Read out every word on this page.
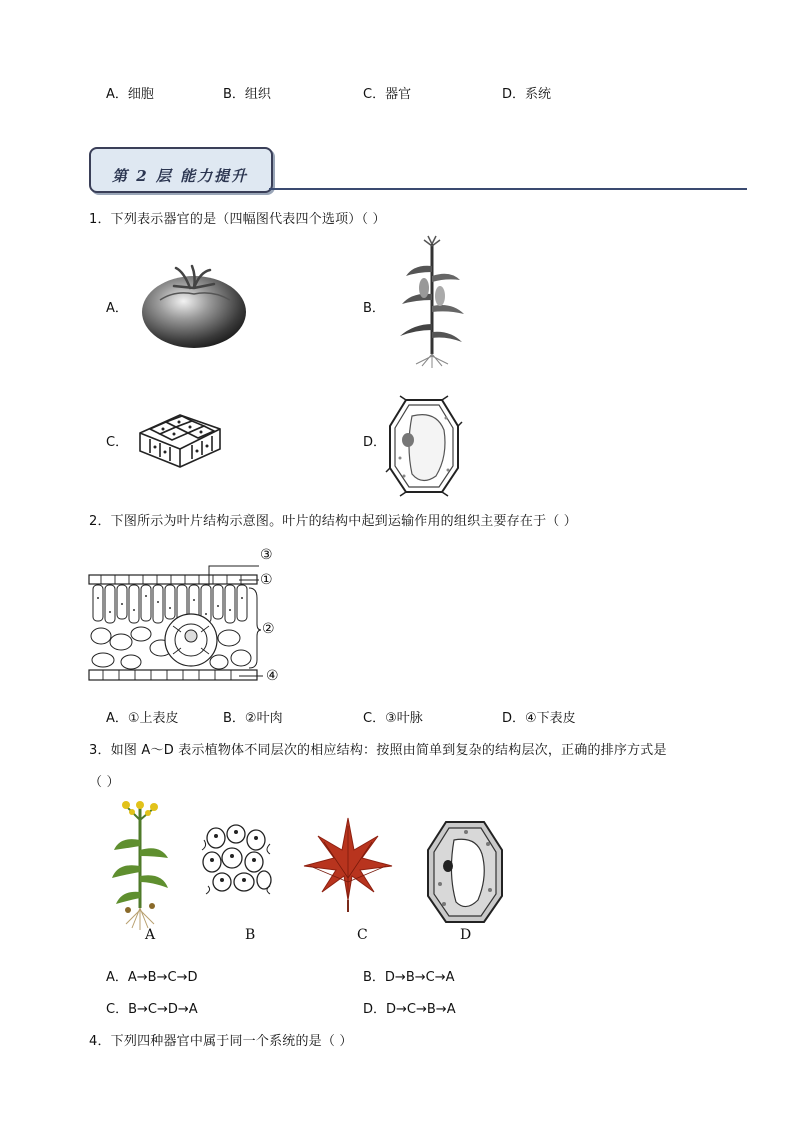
A．细胞	B．组织	C．器官	D．系统
第 2 层 能力提升
1．下列表示器官的是（四幅图代表四个选项）（ ）
A．	B．
C．	D．
2．下图所示为叶片结构示意图。叶片的结构中起到运输作用的组织主要存在于（ ）
③
①
②
④
A．①上表皮	B．②叶肉	C．③叶脉	D．④下表皮
3．如图 A～D 表示植物体不同层次的相应结构：按照由简单到复杂的结构层次，正确的排序方式是
（ ）
A	B	C	D
A．A→B→C→D	B．D→B→C→A
C．B→C→D→A	D．D→C→B→A
4．下列四种器官中属于同一个系统的是（ ）
